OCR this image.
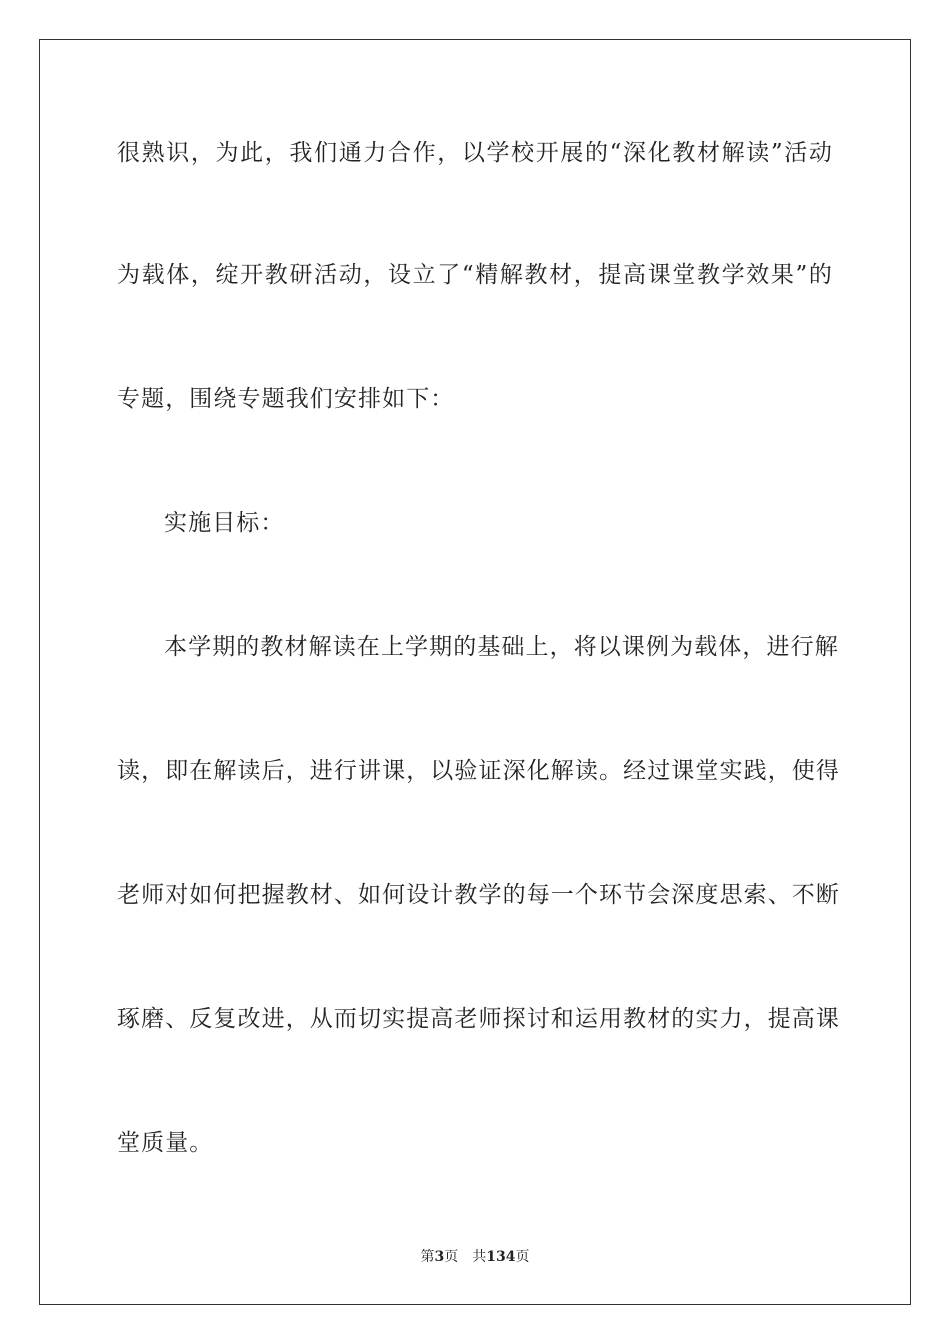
很熟识，为此，我们通力合作，以学校开展的“深化教材解读”活动
为载体，绽开教研活动，设立了“精解教材，提高课堂教学效果”的
专题，围绕专题我们安排如下：
实施目标：
本学期的教材解读在上学期的基础上，将以课例为载体，进行解
读，即在解读后，进行讲课，以验证深化解读。经过课堂实践，使得
老师对如何把握教材、如何设计教学的每一个环节会深度思索、不断
琢磨、反复改进，从而切实提高老师探讨和运用教材的实力，提高课
堂质量。
第3页 共134页
